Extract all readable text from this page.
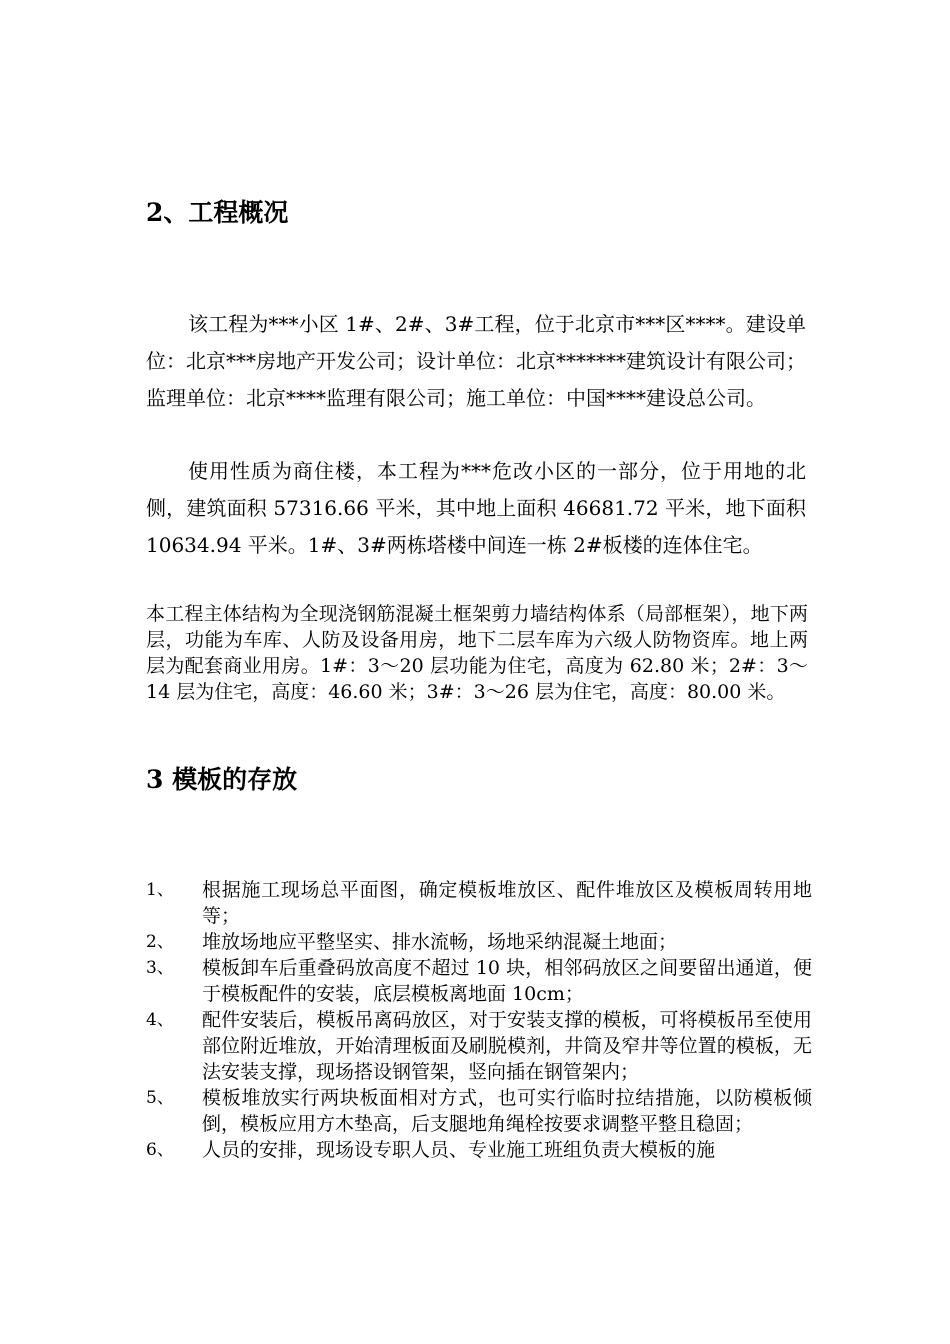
2、工程概况

该工程为***小区 1#、2#、3#工程，位于北京市***区****。建设单位：北京***房地产开发公司；设计单位：北京*******建筑设计有限公司；监理单位：北京****监理有限公司；施工单位：中国****建设总公司。

使用性质为商住楼，本工程为***危改小区的一部分，位于用地的北侧，建筑面积 57316.66 平米，其中地上面积 46681.72 平米，地下面积 10634.94 平米。1#、3#两栋塔楼中间连一栋 2#板楼的连体住宅。

本工程主体结构为全现浇钢筋混凝土框架剪力墙结构体系（局部框架），地下两层，功能为车库、人防及设备用房，地下二层车库为六级人防物资库。地上两层为配套商业用房。1#：3～20 层功能为住宅，高度为 62.80 米；2#：3～14 层为住宅，高度：46.60 米；3#：3～26 层为住宅，高度：80.00 米。

3 模板的存放
1、	根据施工现场总平面图，确定模板堆放区、配件堆放区及模板周转用地等；
2、	堆放场地应平整坚实、排水流畅，场地采纳混凝土地面；
3、	模板卸车后重叠码放高度不超过 10 块，相邻码放区之间要留出通道，便于模板配件的安装，底层模板离地面 10cm；
4、	配件安装后，模板吊离码放区，对于安装支撑的模板，可将模板吊至使用部位附近堆放，开始清理板面及刷脱模剂，井筒及窄井等位置的模板，无法安装支撑，现场搭设钢管架，竖向插在钢管架内；
5、	模板堆放实行两块板面相对方式，也可实行临时拉结措施，以防模板倾倒，模板应用方木垫高，后支腿地角绳栓按要求调整平整且稳固；
6、	人员的安排，现场设专职人员、专业施工班组负责大模板的施
